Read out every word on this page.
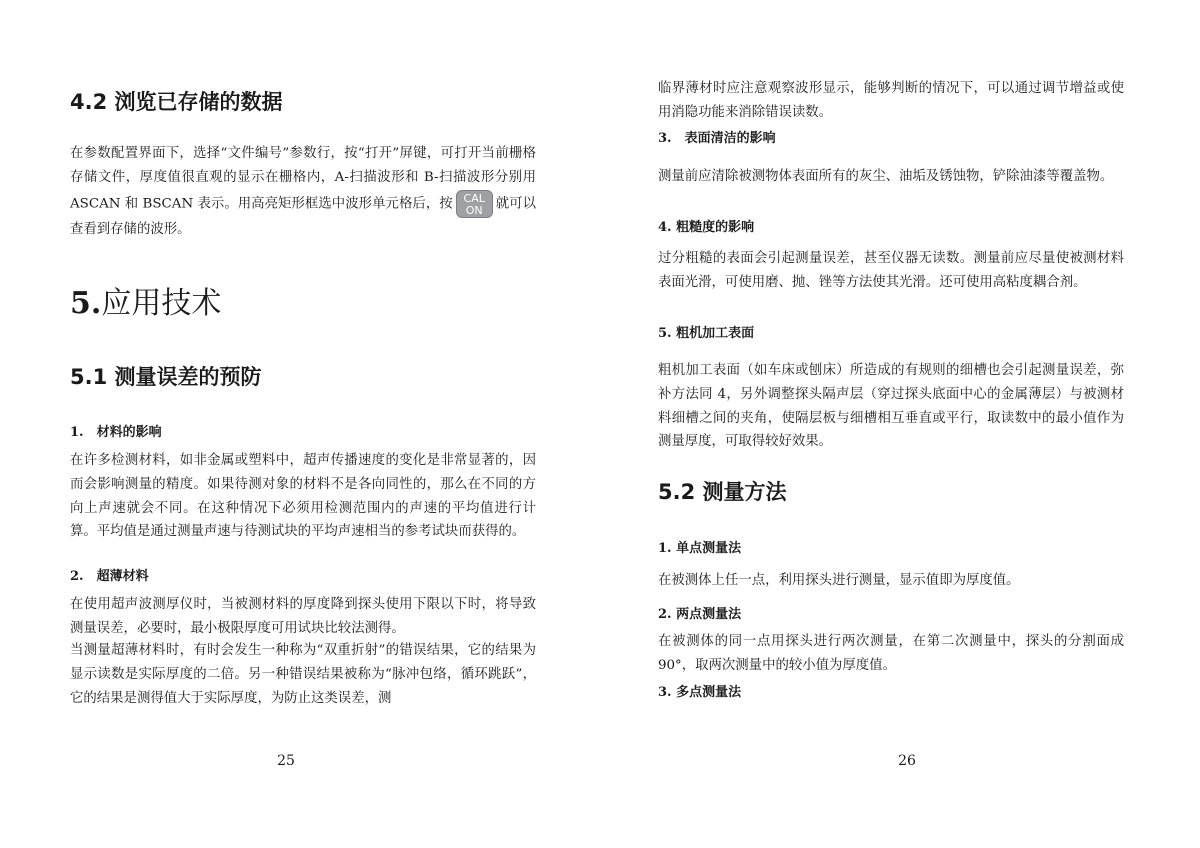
4.2 浏览已存储的数据

在参数配置界面下，选择“文件编号”参数行，按“打开”屏键，可打开当前栅格存储文件，厚度值很直观的显示在栅格内，A-扫描波形和 B-扫描波形分别用 ASCAN 和 BSCAN 表示。用高亮矩形框选中波形单元格后，按 CAL
ON 就可以查看到存储的波形。

5.应用技术
5.1 测量误差的预防
1.　材料的影响

在许多检测材料，如非金属或塑料中，超声传播速度的变化是非常显著的，因而会影响测量的精度。如果待测对象的材料不是各向同性的，那么在不同的方向上声速就会不同。在这种情况下必须用检测范围内的声速的平均值进行计算。平均值是通过测量声速与待测试块的平均声速相当的参考试块而获得的。

2.　超薄材料

在使用超声波测厚仪时，当被测材料的厚度降到探头使用下限以下时，将导致测量误差，必要时，最小极限厚度可用试块比较法测得。

当测量超薄材料时，有时会发生一种称为“双重折射”的错误结果，它的结果为显示读数是实际厚度的二倍。另一种错误结果被称为“脉冲包络，循环跳跃”，它的结果是测得值大于实际厚度，为防止这类误差，测

25

临界薄材时应注意观察波形显示，能够判断的情况下，可以通过调节增益或使用消隐功能来消除错误读数。

3.　表面清洁的影响

测量前应清除被测物体表面所有的灰尘、油垢及锈蚀物，铲除油漆等覆盖物。

4. 粗糙度的影响

过分粗糙的表面会引起测量误差，甚至仪器无读数。测量前应尽量使被测材料表面光滑，可使用磨、抛、锉等方法使其光滑。还可使用高粘度耦合剂。

5. 粗机加工表面

粗机加工表面（如车床或刨床）所造成的有规则的细槽也会引起测量误差，弥补方法同 4，另外调整探头隔声层（穿过探头底面中心的金属薄层）与被测材料细槽之间的夹角，使隔层板与细槽相互垂直或平行，取读数中的最小值作为测量厚度，可取得较好效果。

5.2 测量方法
1. 单点测量法

在被测体上任一点，利用探头进行测量，显示值即为厚度值。

2. 两点测量法

在被测体的同一点用探头进行两次测量，在第二次测量中，探头的分割面成 90°，取两次测量中的较小值为厚度值。

3. 多点测量法
26
